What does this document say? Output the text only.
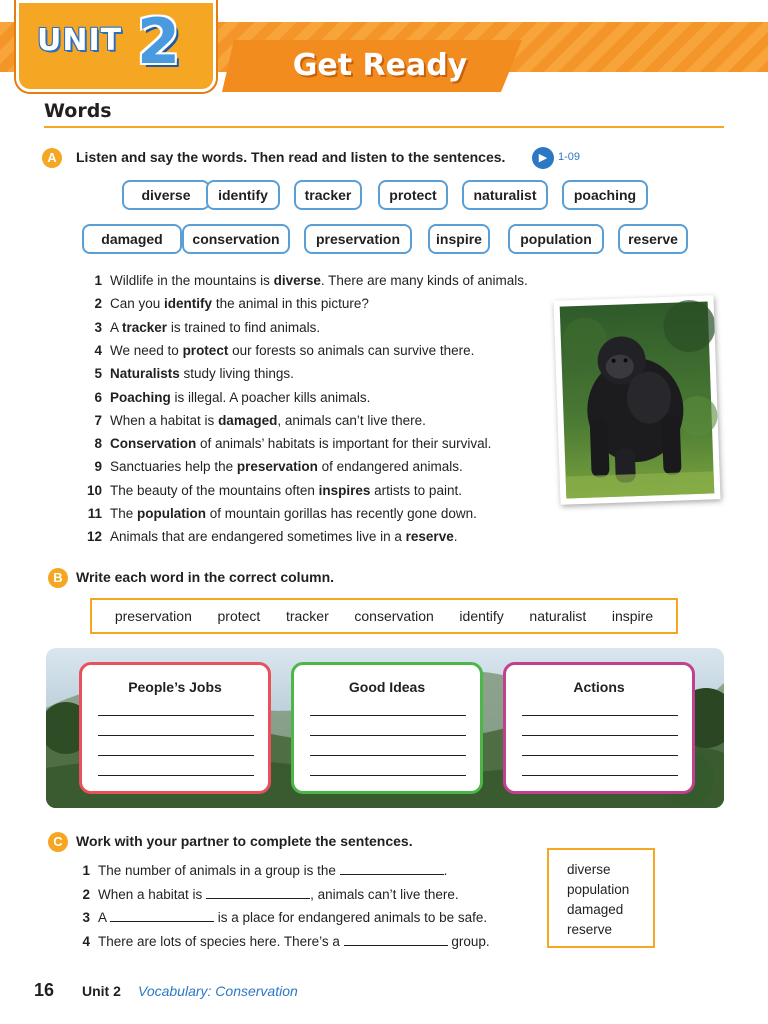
Get Ready
UNIT 2
Words
A	Listen and say the words. Then read and listen to the sentences.	▶ 1-09
diverse	identify	tracker	protect	naturalist	poaching
damaged	conservation	preservation	inspire	population	reserve
1 Wildlife in the mountains is diverse. There are many kinds of animals.
2 Can you identify the animal in this picture?
3 A tracker is trained to find animals.
4 We need to protect our forests so animals can survive there.
5 Naturalists study living things.
6 Poaching is illegal. A poacher kills animals.
7 When a habitat is damaged, animals can’t live there.
8 Conservation of animals’ habitats is important for their survival.
9 Sanctuaries help the preservation of endangered animals.
10 The beauty of the mountains often inspires artists to paint.
11 The population of mountain gorillas has recently gone down.
12 Animals that are endangered sometimes live in a reserve.
B Write each word in the correct column.
preservation protect tracker conservation identify naturalist inspire
People’s Jobs	Good Ideas	Actions
C Work with your partner to complete the sentences.
1 The number of animals in a group is the	.
2 When a habitat is	, animals can’t live there.
3 A	is a place for endangered animals to be safe.
4 There are lots of species here. There’s a	group.
diverse
population
damaged
reserve
16 Unit 2 Vocabulary: Conservation
